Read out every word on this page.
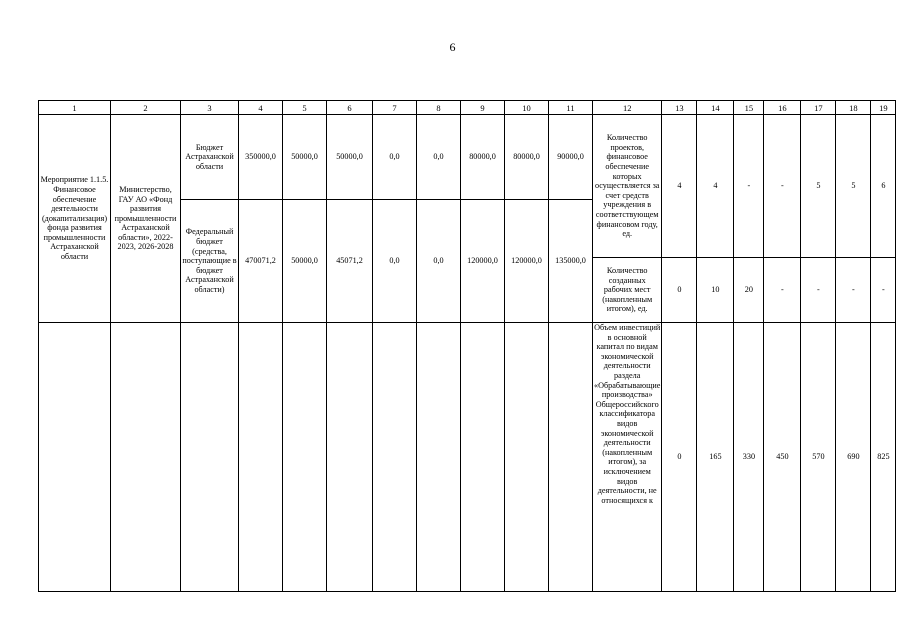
6
1	2	3	4	5	6	7	8	9	10	11	12	13	14	15	16	17	18	19
Мероприятие 1.1.5. Финансовое обеспечение деятельности (докапитализация) фонда развития промышленности Астраханской области	Министерство, ГАУ АО «Фонд развития промышленности Астраханской области», 2022-2023, 2026-2028	Бюджет Астраханской области	350000,0	50000,0	50000,0	0,0	0,0	80000,0	80000,0	90000,0	Количество проектов, финансовое обеспечение которых осуществляется за счет средств учреждения в соответствующем финансовом году, ед.	4	4	-	-	5	5	6
		Федеральный бюджет (средства, поступающие в бюджет Астраханской области)	470071,2	50000,0	45071,2	0,0	0,0	120000,0	120000,0	135000,0								
											Количество созданных рабочих мест (накопленным итогом), ед.	0	10	20	-	-	-	-
											Объем инвестиций в основной капитал по видам экономической деятельности раздела «Обрабатывающие производства» Общероссийского классификатора видов экономической деятельности (накопленным итогом), за исключением видов деятельности, не относящихся к	0	165	330	450	570	690	825
